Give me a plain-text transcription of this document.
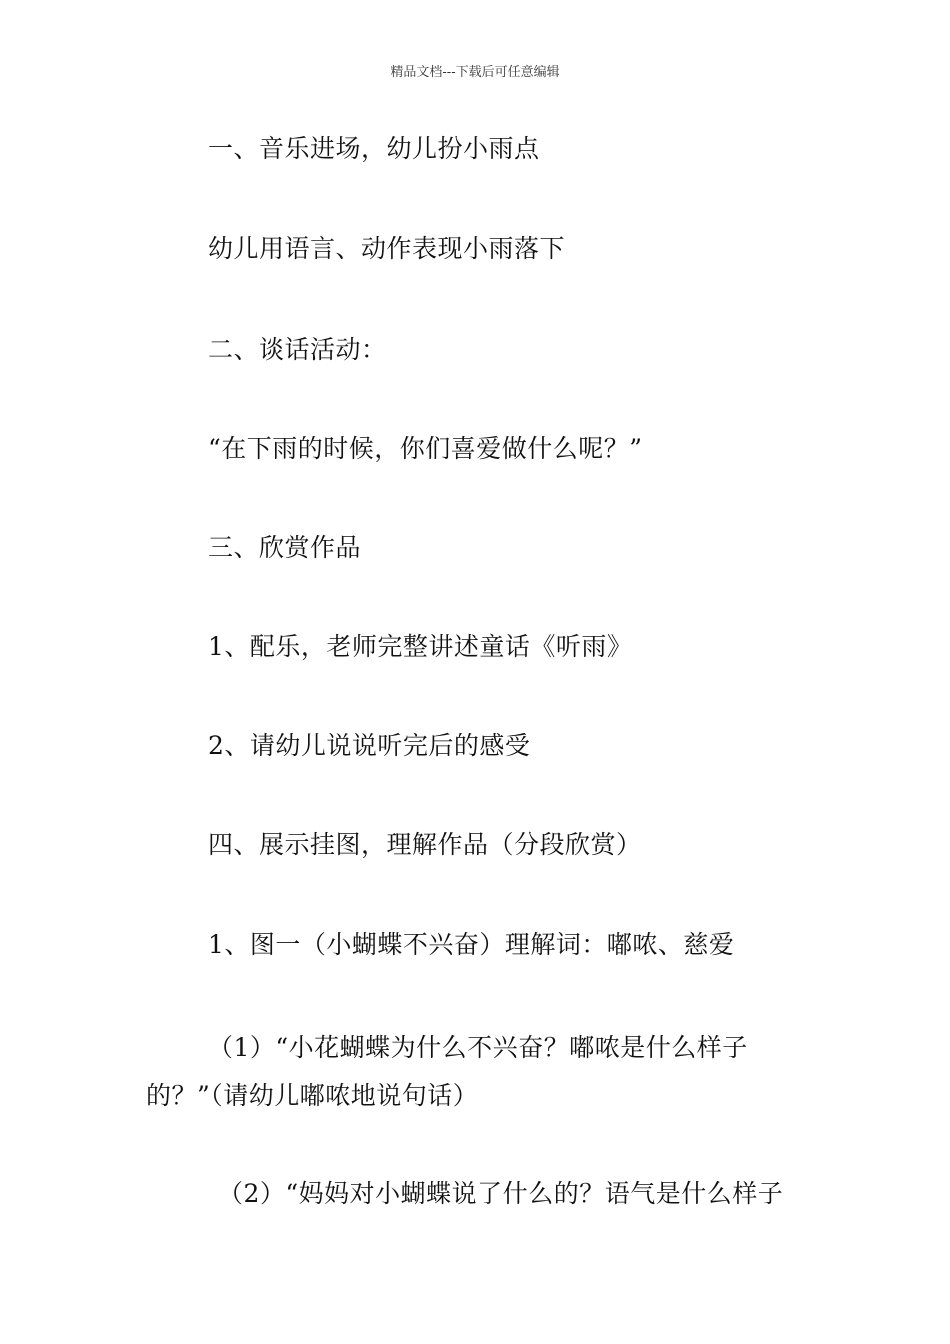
精品文档---下载后可任意编辑
一、音乐进场，幼儿扮小雨点
幼儿用语言、动作表现小雨落下
二、谈话活动：
“在下雨的时候，你们喜爱做什么呢？”
三、欣赏作品
1、配乐，老师完整讲述童话《听雨》
2、请幼儿说说听完后的感受
四、展示挂图，理解作品（分段欣赏）
1、图一（小蝴蝶不兴奋）理解词：嘟哝、慈爱
（1）“小花蝴蝶为什么不兴奋？嘟哝是什么样子的？”（请幼儿嘟哝地说句话）
（2）“妈妈对小蝴蝶说了什么的？语气是什么样子
